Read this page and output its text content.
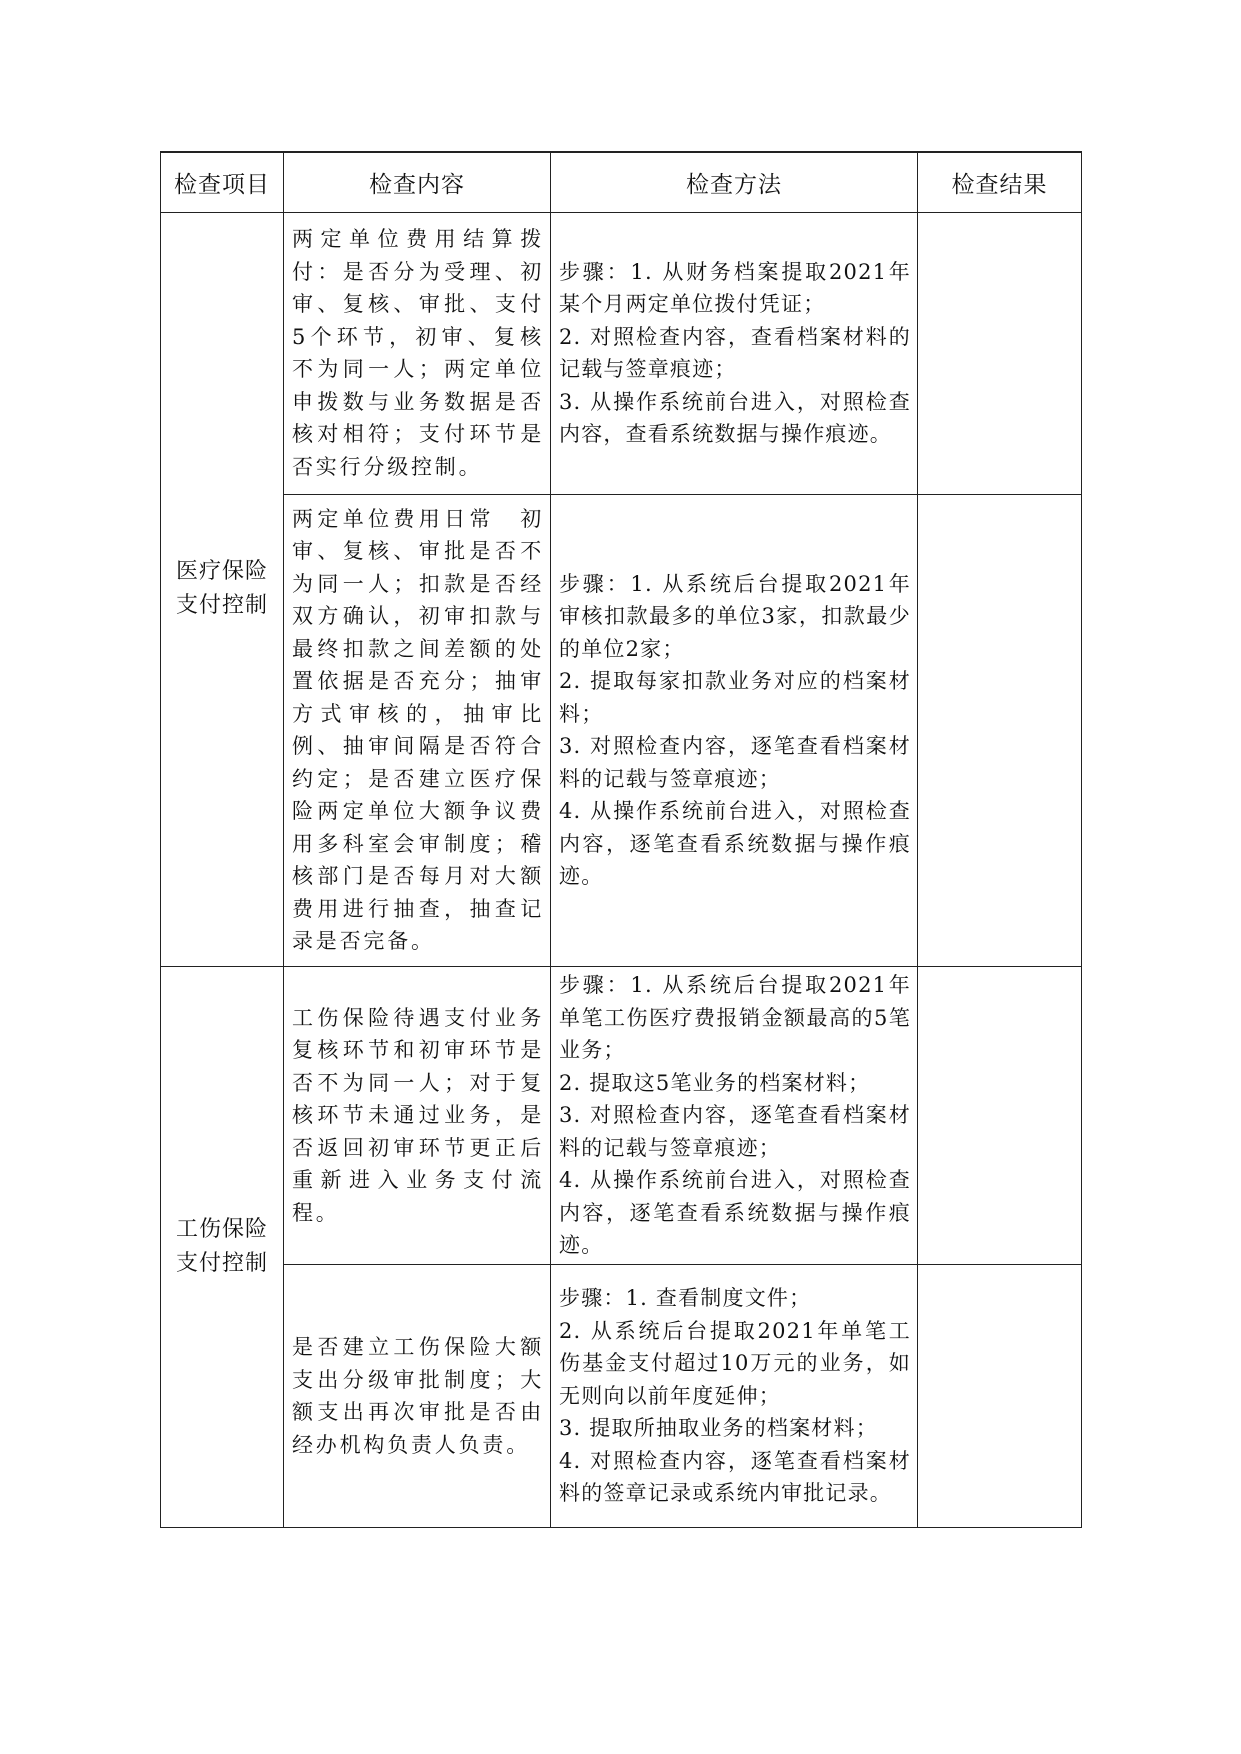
检查项目	检查内容	检查方法	检查结果

医疗保险
支付控制	两定单位费用结算拨付：是否分为受理、初审、复核、审批、支付5个环节，初审、复核不为同一人；两定单位申拨数与业务数据是否核对相符；支付环节是否实行分级控制。	步骤：1. 从财务档案提取2021年某个月两定单位拨付凭证；
2. 对照检查内容，查看档案材料的记载与签章痕迹；
3. 从操作系统前台进入，对照检查内容，查看系统数据与操作痕迹。	

	两定单位费用日常　初审、复核、审批是否不为同一人；扣款是否经双方确认，初审扣款与最终扣款之间差额的处置依据是否充分；抽审方式审核的，抽审比例、抽审间隔是否符合约定；是否建立医疗保险两定单位大额争议费用多科室会审制度；稽核部门是否每月对大额费用进行抽查，抽查记录是否完备。	步骤：1. 从系统后台提取2021年审核扣款最多的单位3家，扣款最少的单位2家；
2. 提取每家扣款业务对应的档案材料；
3. 对照检查内容，逐笔查看档案材料的记载与签章痕迹；
4. 从操作系统前台进入，对照检查内容，逐笔查看系统数据与操作痕迹。	

工伤保险
支付控制	工伤保险待遇支付业务复核环节和初审环节是否不为同一人；对于复核环节未通过业务，是否返回初审环节更正后重新进入业务支付流程。	步骤：1. 从系统后台提取2021年单笔工伤医疗费报销金额最高的5笔业务；
2. 提取这5笔业务的档案材料；
3. 对照检查内容，逐笔查看档案材料的记载与签章痕迹；
4. 从操作系统前台进入，对照检查内容，逐笔查看系统数据与操作痕迹。	

	是否建立工伤保险大额支出分级审批制度；大额支出再次审批是否由经办机构负责人负责。	步骤：1. 查看制度文件；
2. 从系统后台提取2021年单笔工伤基金支付超过10万元的业务，如无则向以前年度延伸；
3. 提取所抽取业务的档案材料；
4. 对照检查内容，逐笔查看档案材料的签章记录或系统内审批记录。	
